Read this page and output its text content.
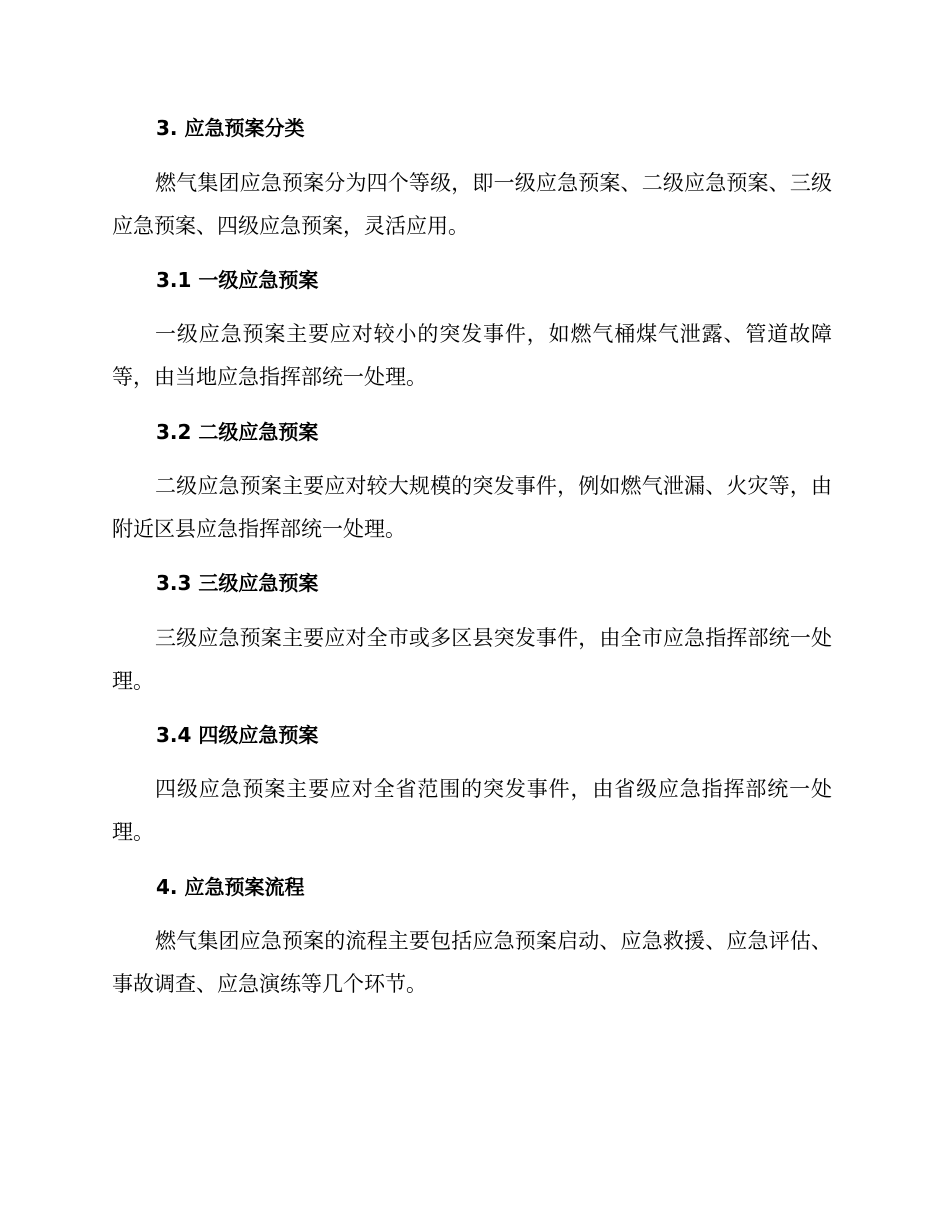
3. 应急预案分类

燃气集团应急预案分为四个等级，即一级应急预案、二级应急预案、三级应急预案、四级应急预案，灵活应用。

3.1 一级应急预案

一级应急预案主要应对较小的突发事件，如燃气桶煤气泄露、管道故障等，由当地应急指挥部统一处理。

3.2 二级应急预案

二级应急预案主要应对较大规模的突发事件，例如燃气泄漏、火灾等，由附近区县应急指挥部统一处理。

3.3 三级应急预案

三级应急预案主要应对全市或多区县突发事件，由全市应急指挥部统一处理。

3.4 四级应急预案

四级应急预案主要应对全省范围的突发事件，由省级应急指挥部统一处理。

4. 应急预案流程

燃气集团应急预案的流程主要包括应急预案启动、应急救援、应急评估、事故调查、应急演练等几个环节。
